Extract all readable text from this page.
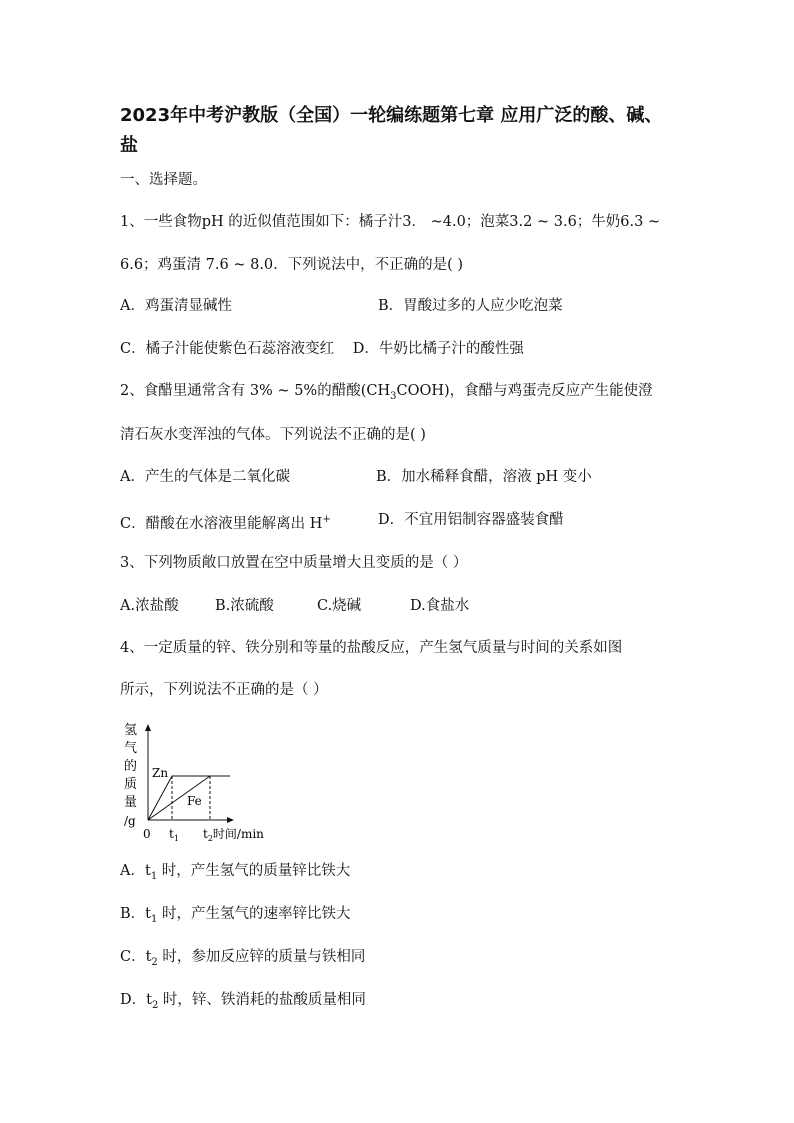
2023年中考沪教版（全国）一轮编练题第七章 应用广泛的酸、碱、
盐
一、选择题。
1、一些食物pH 的近似值范围如下：橘子汁3． ~4.0；泡菜3.2 ~ 3.6；牛奶6.3 ~
6.6；鸡蛋清 7.6 ~ 8.0．下列说法中，不正确的是( )
A．鸡蛋清显碱性	B．胃酸过多的人应少吃泡菜
C．橘子汁能使紫色石蕊溶液变红 D．牛奶比橘子汁的酸性强
2、食醋里通常含有 3% ~ 5%的醋酸$(CH_3COOH)$，食醋与鸡蛋壳反应产生能使澄
清石灰水变浑浊的气体。下列说法不正确的是( )
A．产生的气体是二氧化碳	B．加水稀释食醋，溶液 pH 变小
C．醋酸在水溶液里能解离出 H+	D．不宜用铝制容器盛装食醋
3、下列物质敞口放置在空中质量增大且变质的是（ ）
A.浓盐酸	B.浓硫酸	C.烧碱	D.食盐水
4、一定质量的锌、铁分别和等量的盐酸反应，产生氢气质量与时间的关系如图
所示，下列说法不正确的是（ ）
氢
气
的
质
量
/g
Zn
Fe
0 $t_1$ $t_2$时间/min
A．$t_1$ 时，产生氢气的质量锌比铁大
B．$t_1$ 时，产生氢气的速率锌比铁大
C．$t_2$ 时，参加反应锌的质量与铁相同
D．$t_2$ 时，锌、铁消耗的盐酸质量相同
